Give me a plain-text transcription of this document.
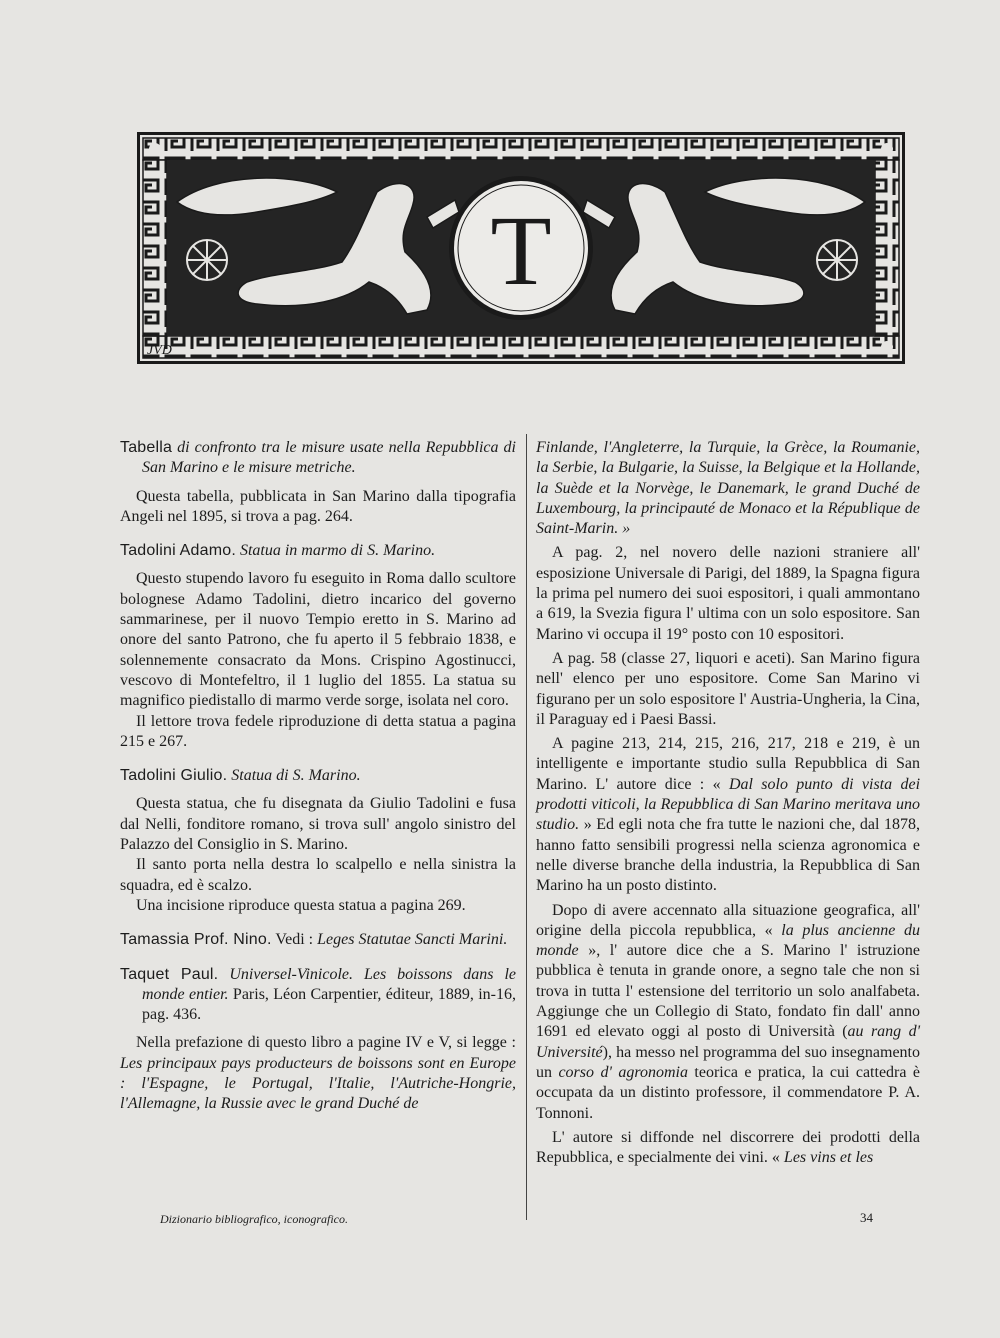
JVD
T
Tabella di confronto tra le misure usate nella Repubblica di San Marino e le misure metriche.

Questa tabella, pubblicata in San Marino dalla tipografia Angeli nel 1895, si trova a pag. 264.

Tadolini Adamo. Statua in marmo di S. Marino.

Questo stupendo lavoro fu eseguito in Roma dallo scultore bolognese Adamo Tadolini, dietro incarico del governo sammarinese, per il nuovo Tempio eretto in S. Marino ad onore del santo Patrono, che fu aperto il 5 febbraio 1838, e solennemente consacrato da Mons. Crispino Agostinucci, vescovo di Montefeltro, il 1 luglio del 1855. La statua su magnifico piedistallo di marmo verde sorge, isolata nel coro.

Il lettore trova fedele riproduzione di detta statua a pagina 215 e 267.

Tadolini Giulio. Statua di S. Marino.

Questa statua, che fu disegnata da Giulio Tadolini e fusa dal Nelli, fonditore romano, si trova sull' angolo sinistro del Palazzo del Consiglio in S. Marino.

Il santo porta nella destra lo scalpello e nella sinistra la squadra, ed è scalzo.

Una incisione riproduce questa statua a pagina 269.

Tamassia Prof. Nino. Vedi : Leges Statutae Sancti Marini.
Taquet Paul. Universel-Vinicole. Les boissons dans le monde entier. Paris, Léon Carpentier, éditeur, 1889, in-16, pag. 436.

Nella prefazione di questo libro a pagine IV e V, si legge : Les principaux pays producteurs de boissons sont en Europe : l'Espagne, le Portugal, l'Italie, l'Autriche-Hongrie, l'Allemagne, la Russie avec le grand Duché de

Finlande, l'Angleterre, la Turquie, la Grèce, la Roumanie, la Serbie, la Bulgarie, la Suisse, la Belgique et la Hollande, la Suède et la Norvège, le Danemark, le grand Duché de Luxembourg, la principauté de Monaco et la République de Saint-Marin. »

A pag. 2, nel novero delle nazioni straniere all' esposizione Universale di Parigi, del 1889, la Spagna figura la prima pel numero dei suoi espositori, i quali ammontano a 619, la Svezia figura l' ultima con un solo espositore. San Marino vi occupa il 19° posto con 10 espositori.

A pag. 58 (classe 27, liquori e aceti). San Marino figura nell' elenco per uno espositore. Come San Marino vi figurano per un solo espositore l' Austria-Ungheria, la Cina, il Paraguay ed i Paesi Bassi.

A pagine 213, 214, 215, 216, 217, 218 e 219, è un intelligente e importante studio sulla Repubblica di San Marino. L' autore dice : « Dal solo punto di vista dei prodotti viticoli, la Repubblica di San Marino meritava uno studio. » Ed egli nota che fra tutte le nazioni che, dal 1878, hanno fatto sensibili progressi nella scienza agronomica e nelle diverse branche della industria, la Repubblica di San Marino ha un posto distinto.

Dopo di avere accennato alla situazione geografica, all' origine della piccola repubblica, « la plus ancienne du monde », l' autore dice che a S. Marino l' istruzione pubblica è tenuta in grande onore, a segno tale che non si trova in tutta l' estensione del territorio un solo analfabeta. Aggiunge che un Collegio di Stato, fondato fin dall' anno 1691 ed elevato oggi al posto di Università (au rang d' Université), ha messo nel programma del suo insegnamento un corso d' agronomia teorica e pratica, la cui cattedra è occupata da un distinto professore, il commendatore P. A. Tonnoni.

L' autore si diffonde nel discorrere dei prodotti della Repubblica, e specialmente dei vini. « Les vins et les

Dizionario bibliografico, iconografico.	34
